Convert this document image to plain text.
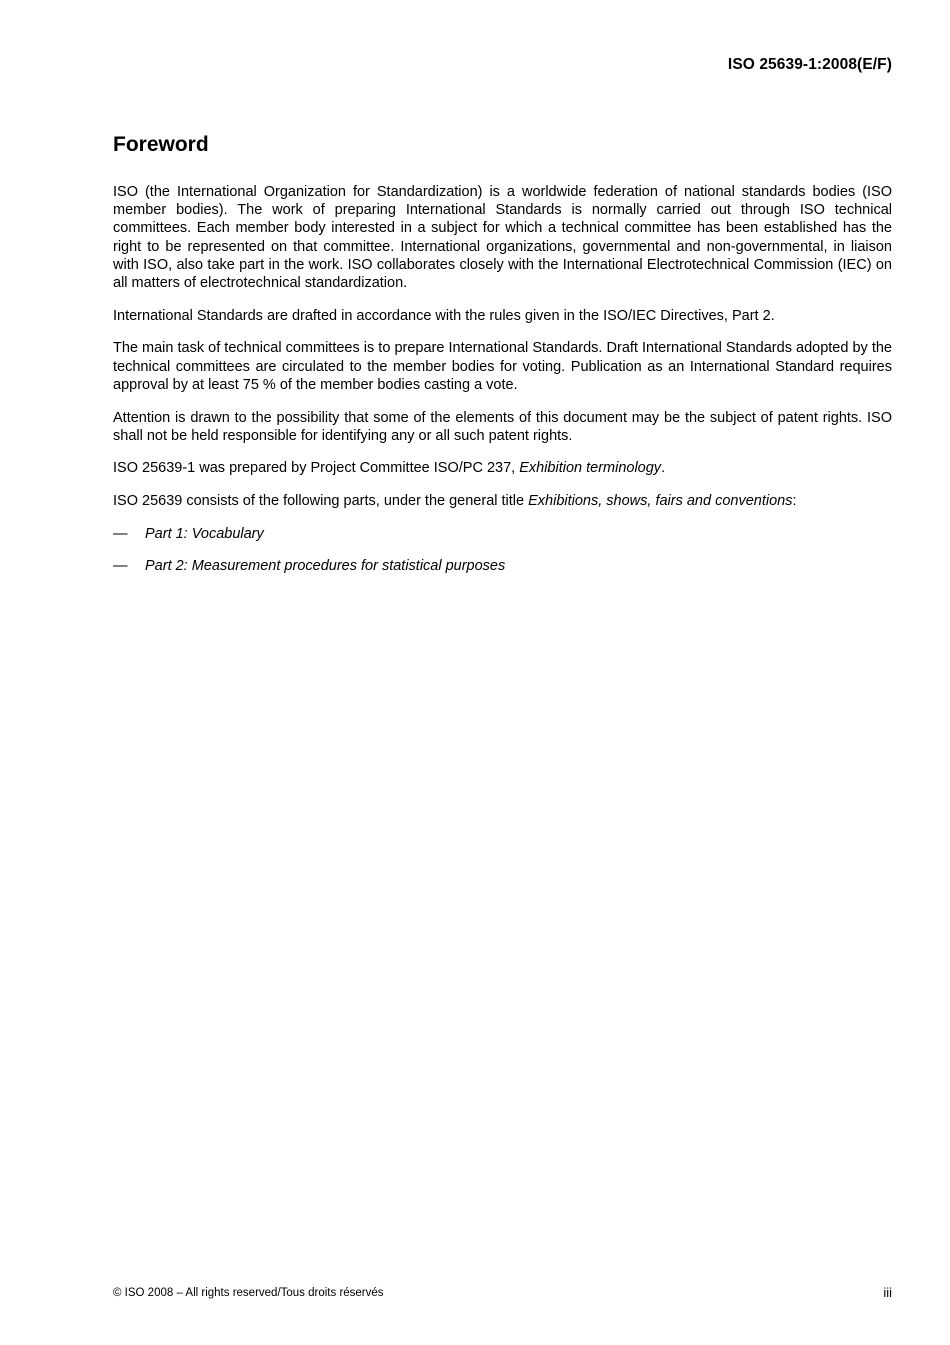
ISO 25639-1:2008(E/F)
Foreword

ISO (the International Organization for Standardization) is a worldwide federation of national standards bodies (ISO member bodies). The work of preparing International Standards is normally carried out through ISO technical committees. Each member body interested in a subject for which a technical committee has been established has the right to be represented on that committee. International organizations, governmental and non-governmental, in liaison with ISO, also take part in the work. ISO collaborates closely with the International Electrotechnical Commission (IEC) on all matters of electrotechnical standardization.

International Standards are drafted in accordance with the rules given in the ISO/IEC Directives, Part 2.

The main task of technical committees is to prepare International Standards. Draft International Standards adopted by the technical committees are circulated to the member bodies for voting. Publication as an International Standard requires approval by at least 75 % of the member bodies casting a vote.

Attention is drawn to the possibility that some of the elements of this document may be the subject of patent rights. ISO shall not be held responsible for identifying any or all such patent rights.

ISO 25639-1 was prepared by Project Committee ISO/PC 237, Exhibition terminology.

ISO 25639 consists of the following parts, under the general title Exhibitions, shows, fairs and conventions:

—	Part 1: Vocabulary
—	Part 2: Measurement procedures for statistical purposes
© ISO 2008 – All rights reserved/Tous droits réservés	iii
